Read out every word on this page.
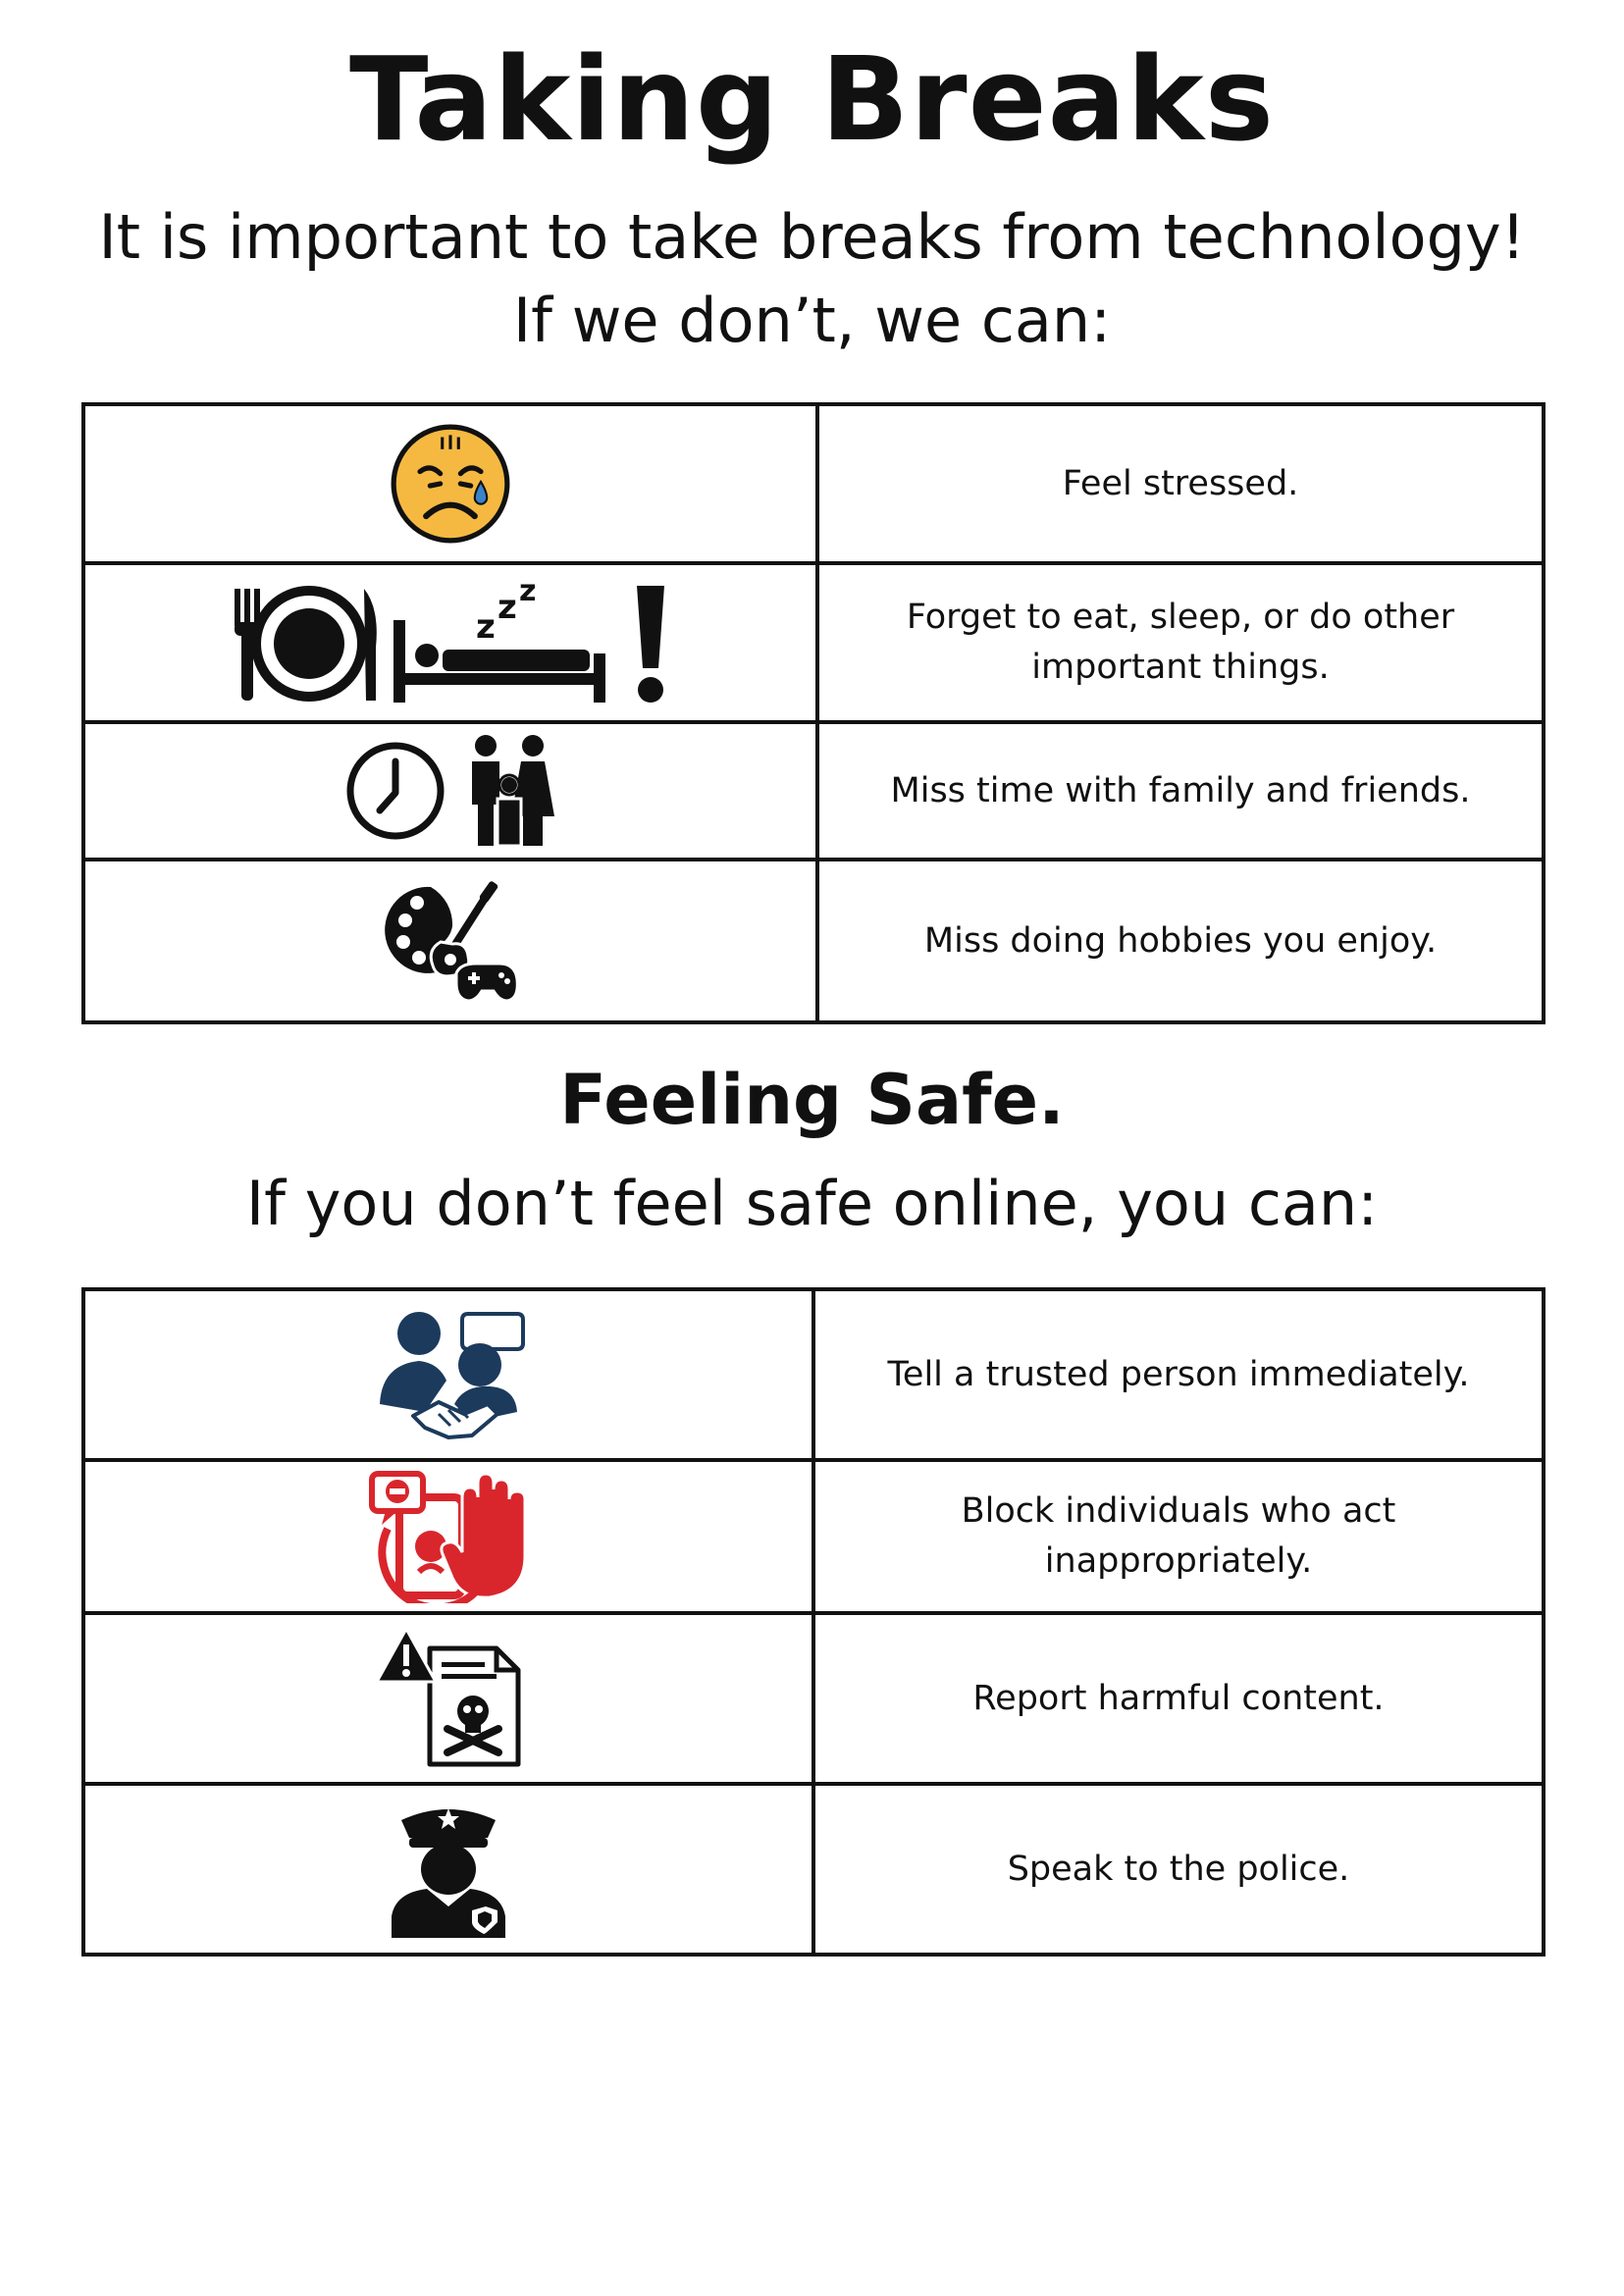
Taking Breaks

It is important to take breaks from technology!

If we don’t, we can:

	Feel stressed.

z z z	Forget to eat, sleep, or do other important things.

	Miss time with family and friends.

	Miss doing hobbies you enjoy.
Feeling Safe.

If you don’t feel safe online, you can:

	Tell a trusted person immediately.

	Block individuals who act inappropriately.

	Report harmful content.

	Speak to the police.
